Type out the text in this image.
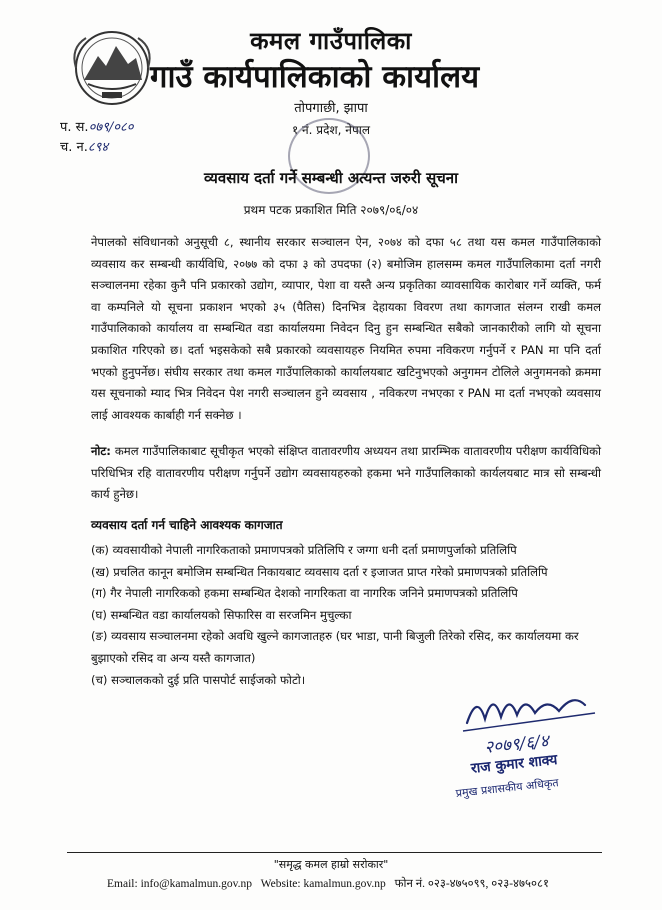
कमल गाउँपालिका
गाउँ कार्यपालिकाको कार्यालय
तोपगाछी, झापा
१ नं. प्रदेश, नेपाल
प. स.०७९/०८०
च. न.८९४
व्यवसाय दर्ता गर्ने सम्बन्धी अत्यन्त जरुरी सूचना
प्रथम पटक प्रकाशित मिति २०७९/०६/०४

नेपालको संविधानको अनुसूची ८, स्थानीय सरकार सञ्चालन ऐन, २०७४ को दफा ५८ तथा यस कमल गाउँपालिकाको व्यवसाय कर सम्बन्धी कार्यविधि, २०७७ को दफा ३ को उपदफा (२) बमोजिम हालसम्म कमल गाउँपालिकामा दर्ता नगरी सञ्चालनमा रहेका कुनै पनि प्रकारको उद्योग, व्यापार, पेशा वा यस्तै अन्य प्रकृतिका व्यावसायिक कारोबार गर्ने व्यक्ति, फर्म वा कम्पनिले यो सूचना प्रकाशन भएको ३५ (पैतिस) दिनभित्र देहायका विवरण तथा कागजात संलग्न राखी कमल गाउँपालिकाको कार्यालय वा सम्बन्धित वडा कार्यालयमा निवेदन दिनु हुन सम्बन्धित सबैको जानकारीको लागि यो सूचना प्रकाशित गरिएको छ। दर्ता भइसकेको सबै प्रकारको व्यवसायहरु नियमित रुपमा नविकरण गर्नुपर्ने र PAN मा पनि दर्ता भएको हुनुपर्नेछ। संघीय सरकार तथा कमल गाउँपालिकाको कार्यालयबाट खटिनुभएको अनुगमन टोलिले अनुगमनको क्रममा यस सूचनाको म्याद भित्र निवेदन पेश नगरी सञ्चालन हुने व्यवसाय , नविकरण नभएका र PAN मा दर्ता नभएको व्यवसाय लाई आवश्यक कार्बाही गर्न सक्नेछ ।

नोट: कमल गाउँपालिकाबाट सूचीकृत भएको संक्षिप्त वातावरणीय अध्ययन तथा प्रारम्भिक वातावरणीय परीक्षण कार्यविधिको परिधिभित्र रहि वातावरणीय परीक्षण गर्नुपर्ने उद्योग व्यवसायहरुको हकमा भने गाउँपालिकाको कार्यलयबाट मात्र सो सम्बन्धी कार्य हुनेछ।
व्यवसाय दर्ता गर्न चाहिने आवश्यक कागजात
(क) व्यवसायीको नेपाली नागरिकताको प्रमाणपत्रको प्रतिलिपि र जग्गा धनी दर्ता प्रमाणपुर्जाको प्रतिलिपि
(ख) प्रचलित कानून बमोजिम सम्बन्धित निकायबाट व्यवसाय दर्ता र इजाजत प्राप्त गरेको प्रमाणपत्रको प्रतिलिपि
(ग) गैर नेपाली नागरिकको हकमा सम्बन्धित देशको नागरिकता वा नागरिक जनिने प्रमाणपत्रको प्रतिलिपि
(घ) सम्बन्धित वडा कार्यालयको सिफारिस वा सरजमिन मुचुल्का
(ङ) व्यवसाय सञ्चालनमा रहेको अवधि खुल्ने कागजातहरु (घर भाडा, पानी बिजुली तिरेको रसिद, कर कार्यालयमा कर बुझाएको रसिद वा अन्य यस्तै कागजात)
(च) सञ्चालकको दुई प्रति पासपोर्ट साईजको फोटो।
२०७९/६/४
राज कुमार शाक्य
प्रमुख प्रशासकीय अधिकृत
"समृद्ध कमल हाम्रो सरोकार"
Email: info@kamalmun.gov.np Website: kamalmun.gov.np फोन नं. ०२३-४७५०९९, ०२३-४७५०८१
